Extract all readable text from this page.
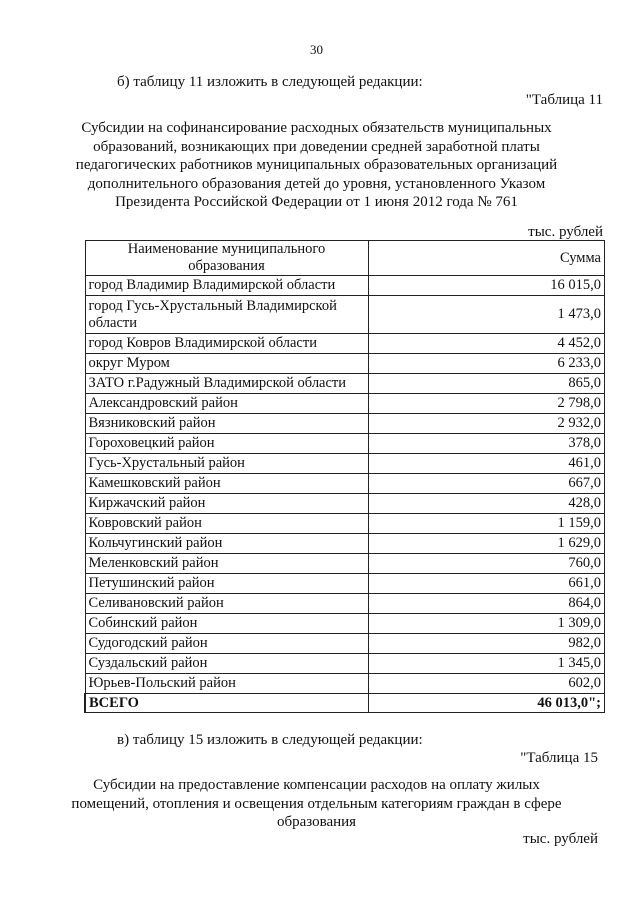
30
б) таблицу 11 изложить в следующей редакции:
"Таблица 11
Субсидии на софинансирование расходных обязательств муниципальных
образований, возникающих при доведении средней заработной платы
педагогических работников муниципальных образовательных организаций
дополнительного образования детей до уровня, установленного Указом
Президента Российской Федерации от 1 июня 2012 года № 761
тыс. рублей
Наименование муниципального образования	Сумма
город Владимир Владимирской области	16 015,0
город Гусь-Хрустальный Владимирской области	1 473,0
город Ковров Владимирской области	4 452,0
округ Муром	6 233,0
ЗАТО г.Радужный Владимирской области	865,0
Александровский район	2 798,0
Вязниковский район	2 932,0
Гороховецкий район	378,0
Гусь-Хрустальный район	461,0
Камешковский район	667,0
Киржачский район	428,0
Ковровский район	1 159,0
Кольчугинский район	1 629,0
Меленковский район	760,0
Петушинский район	661,0
Селивановский район	864,0
Собинский район	1 309,0
Судогодский район	982,0
Суздальский район	1 345,0
Юрьев-Польский район	602,0
ВСЕГО	46 013,0";
в) таблицу 15 изложить в следующей редакции:
"Таблица 15
Субсидии на предоставление компенсации расходов на оплату жилых
помещений, отопления и освещения отдельным категориям граждан в сфере
образования
тыс. рублей
